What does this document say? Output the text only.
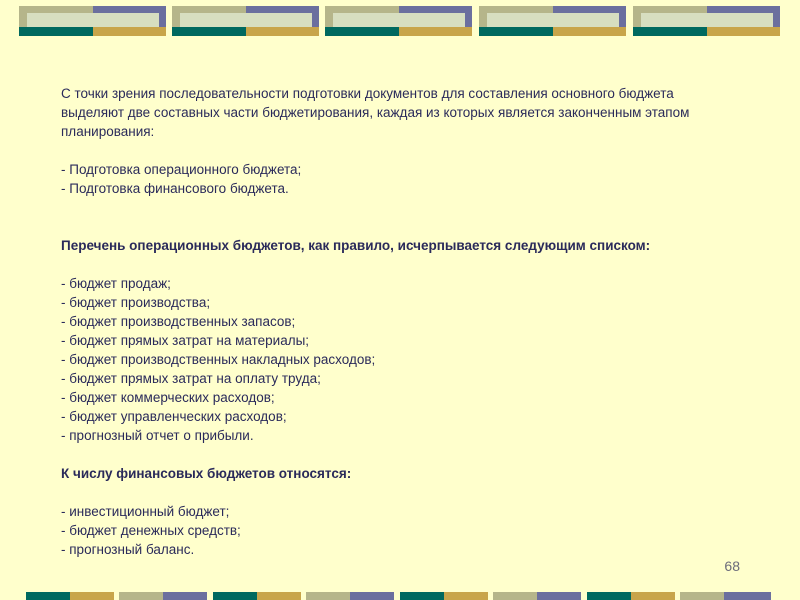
С точки зрения последовательности подготовки документов для составления основного бюджета

выделяют две составных части бюджетирования, каждая из которых является законченным этапом

планирования:

- Подготовка операционного бюджета;

- Подготовка финансового бюджета.

Перечень операционных бюджетов, как правило, исчерпывается следующим списком:

- бюджет продаж;

- бюджет производства;

- бюджет производственных запасов;

- бюджет прямых затрат на материалы;

- бюджет производственных накладных расходов;

- бюджет прямых затрат на оплату труда;

- бюджет коммерческих расходов;

- бюджет управленческих расходов;

- прогнозный отчет о прибыли.

К числу финансовых бюджетов относятся:

- инвестиционный бюджет;

- бюджет денежных средств;

- прогнозный баланс.

68
